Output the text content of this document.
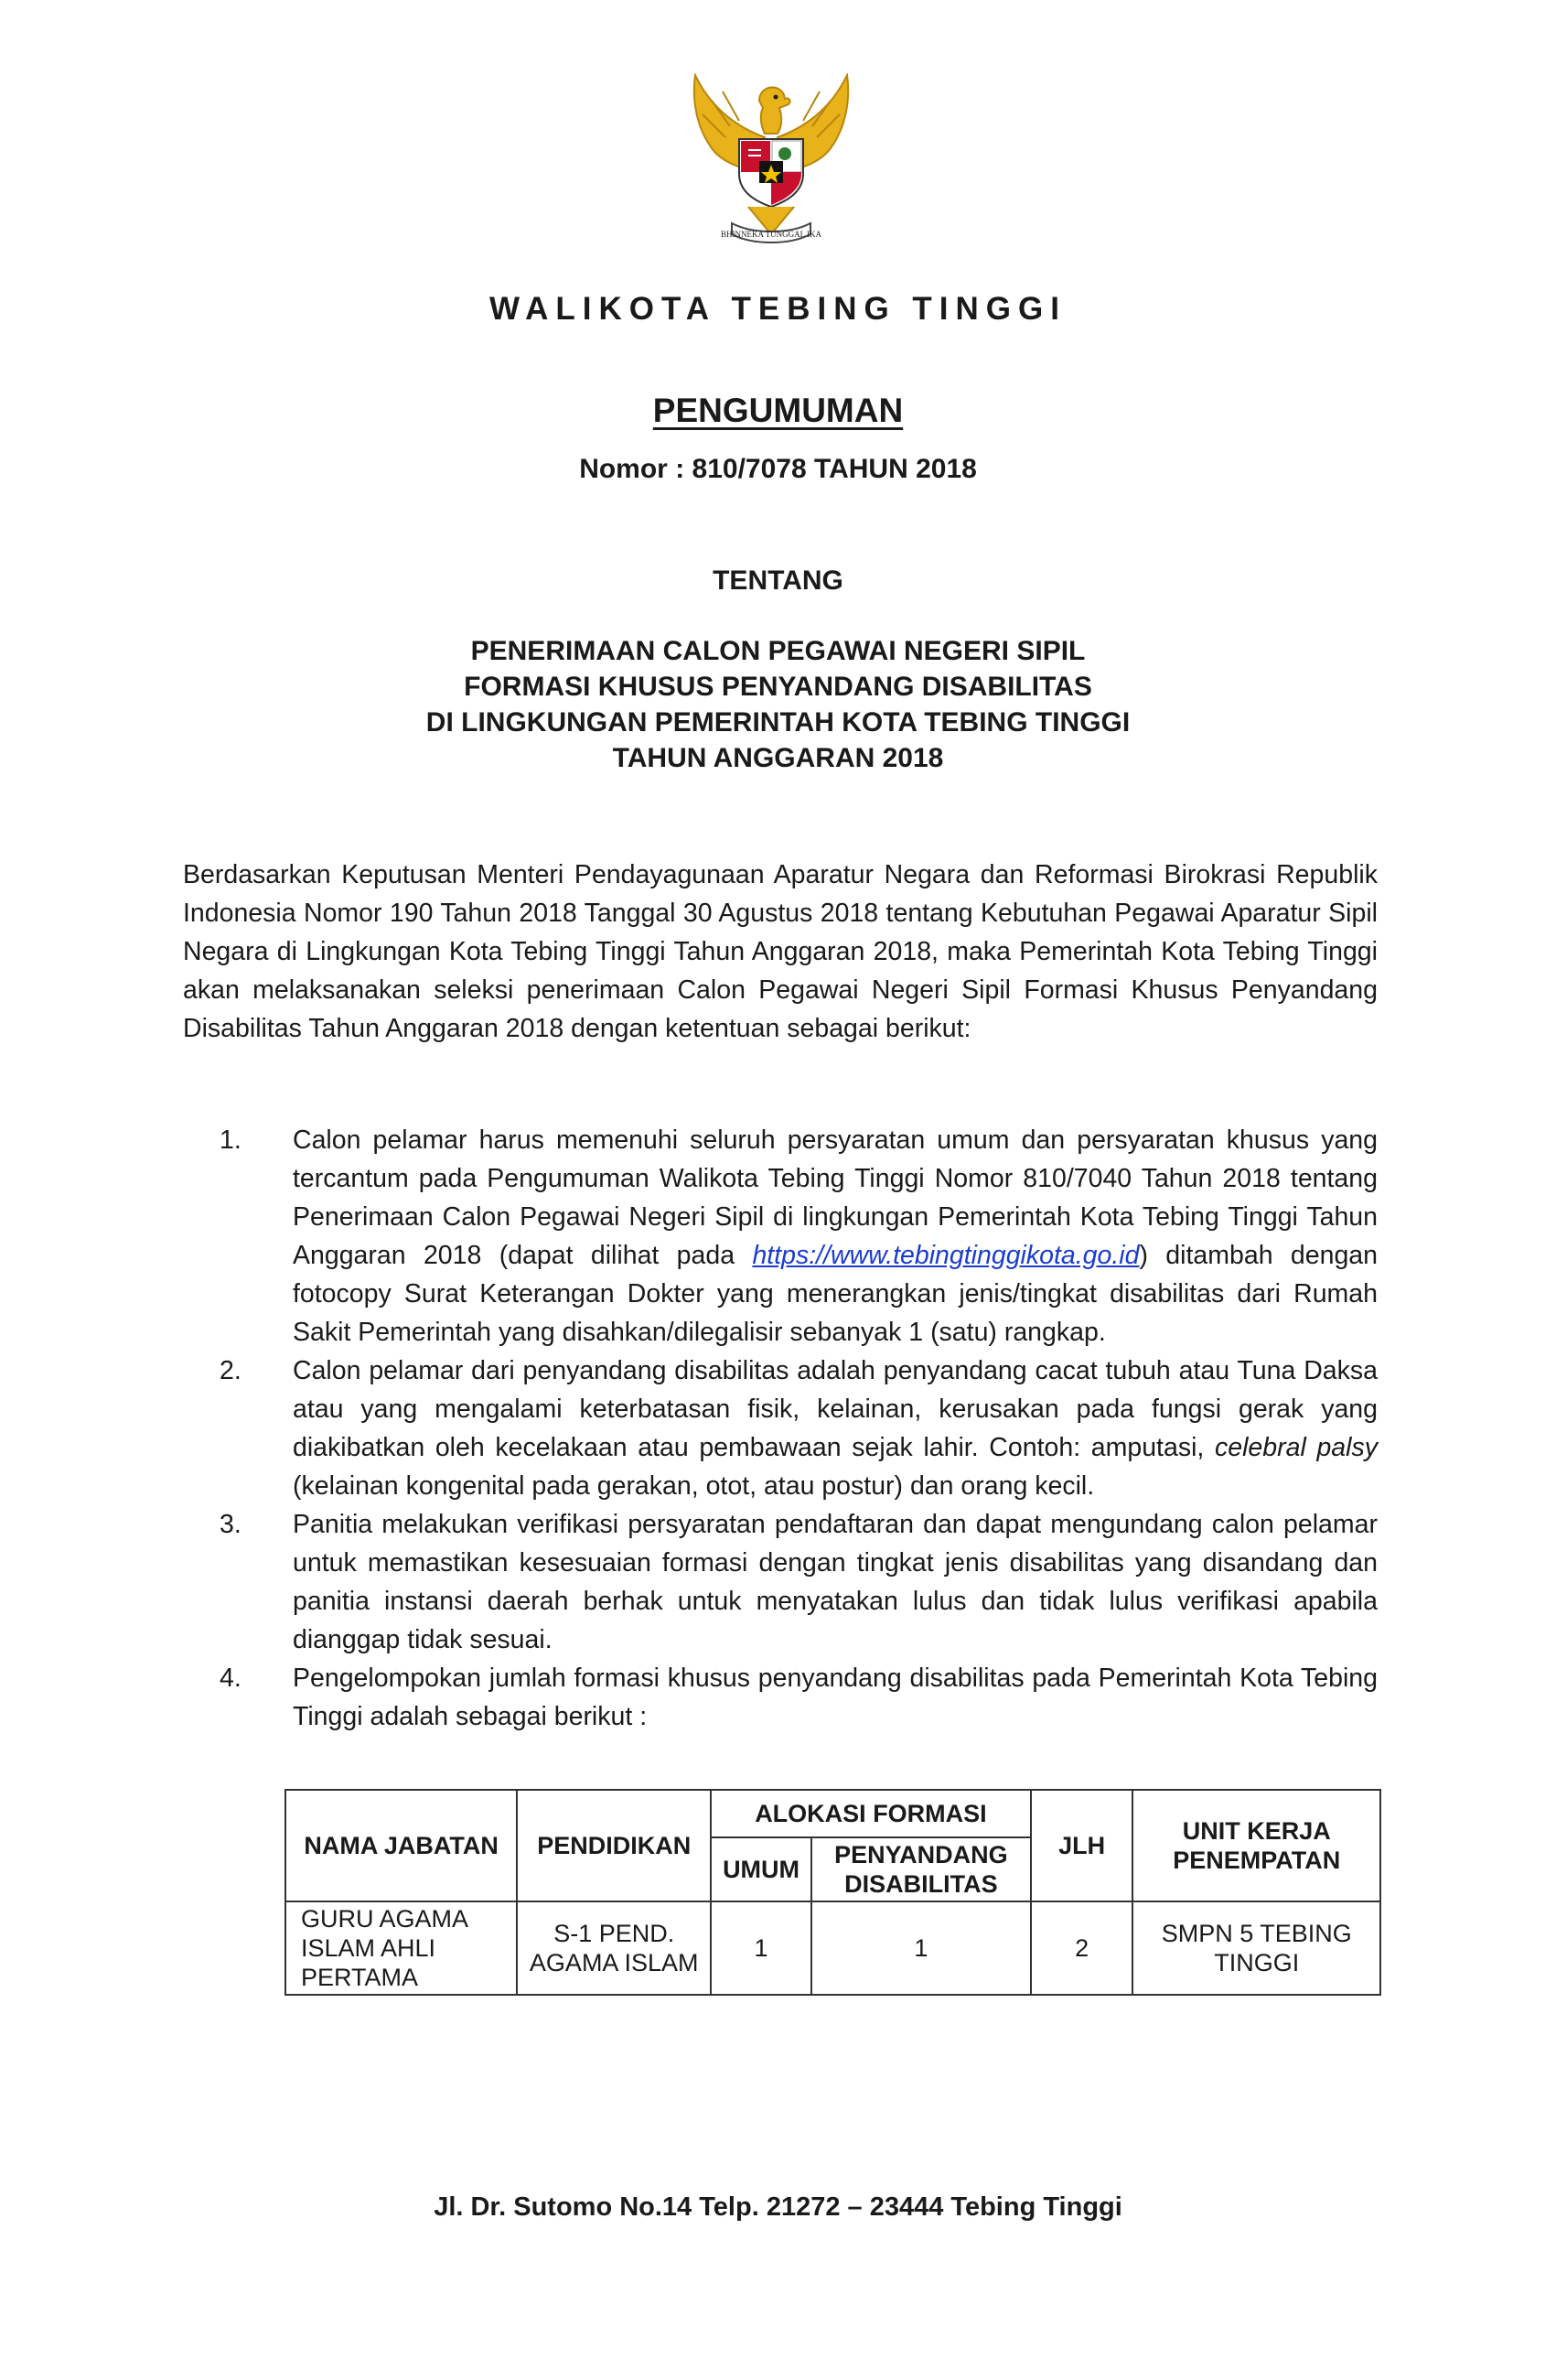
BHINNEKA TUNGGAL IKA
WALIKOTA TEBING TINGGI
PENGUMUMAN
Nomor : 810/7078 TAHUN 2018
TENTANG
PENERIMAAN CALON PEGAWAI NEGERI SIPIL
FORMASI KHUSUS PENYANDANG DISABILITAS
DI LINGKUNGAN PEMERINTAH KOTA TEBING TINGGI
TAHUN ANGGARAN 2018
Berdasarkan Keputusan Menteri Pendayagunaan Aparatur Negara dan Reformasi Birokrasi Republik Indonesia Nomor 190 Tahun 2018 Tanggal 30 Agustus 2018 tentang Kebutuhan Pegawai Aparatur Sipil Negara di Lingkungan Kota Tebing Tinggi Tahun Anggaran 2018, maka Pemerintah Kota Tebing Tinggi akan melaksanakan seleksi penerimaan Calon Pegawai Negeri Sipil Formasi Khusus Penyandang Disabilitas Tahun Anggaran 2018 dengan ketentuan sebagai berikut:
1.	Calon pelamar harus memenuhi seluruh persyaratan umum dan persyaratan khusus yang tercantum pada Pengumuman Walikota Tebing Tinggi Nomor 810/7040 Tahun 2018 tentang Penerimaan Calon Pegawai Negeri Sipil di lingkungan Pemerintah Kota Tebing Tinggi Tahun Anggaran 2018 (dapat dilihat pada https://www.tebingtinggikota.go.id) ditambah dengan fotocopy Surat Keterangan Dokter yang menerangkan jenis/tingkat disabilitas dari Rumah Sakit Pemerintah yang disahkan/dilegalisir sebanyak 1 (satu) rangkap.
2.	Calon pelamar dari penyandang disabilitas adalah penyandang cacat tubuh atau Tuna Daksa atau yang mengalami keterbatasan fisik, kelainan, kerusakan pada fungsi gerak yang diakibatkan oleh kecelakaan atau pembawaan sejak lahir. Contoh: amputasi, celebral palsy (kelainan kongenital pada gerakan, otot, atau postur) dan orang kecil.
3.	Panitia melakukan verifikasi persyaratan pendaftaran dan dapat mengundang calon pelamar untuk memastikan kesesuaian formasi dengan tingkat jenis disabilitas yang disandang dan panitia instansi daerah berhak untuk menyatakan lulus dan tidak lulus verifikasi apabila dianggap tidak sesuai.
4.	Pengelompokan jumlah formasi khusus penyandang disabilitas pada Pemerintah Kota Tebing Tinggi adalah sebagai berikut :
NAMA JABATAN	PENDIDIKAN	ALOKASI FORMASI		JLH	UNIT KERJA PENEMPATAN
		UMUM	PENYANDANG DISABILITAS		
GURU AGAMA ISLAM AHLI PERTAMA	S-1 PEND. AGAMA ISLAM	1	1	2	SMPN 5 TEBING TINGGI
Jl. Dr. Sutomo No.14 Telp. 21272 – 23444 Tebing Tinggi
